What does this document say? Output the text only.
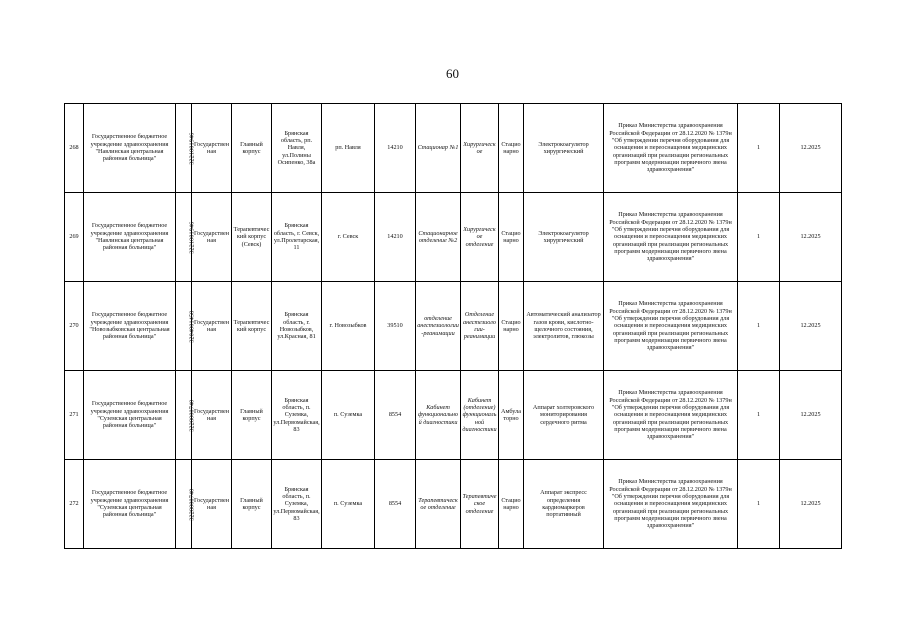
60
268	Государственное бюджетное учреждение здравоохранения "Навлинская центральная районная больница"	3221001946	Государственная	Главный корпус	Брянская область, рп. Навля, ул.Полины Осипенко, 38а	рп. Навля	14210	Стационар №1	Хирургическое	Стационарно	Электрокоагулятор хирургический	Приказ Министерства здравоохранения Российской Федерации от 28.12.2020 № 1379н "Об утверждении перечня оборудования для оснащения и переоснащения медицинских организаций при реализации региональных программ модернизации первичного звена здравоохранения"	1	12.2025
269	Государственное бюджетное учреждение здравоохранения "Навлинская центральная районная больница"	3221001946	Государственная	Терапевтический корпус (Севск)	Брянская область, г. Севск, ул.Пролетарская, 11	г. Севск	14210	Стационарное отделение №2	Хирургическое отделение	Стационарно	Электрокоагулятор хирургический	Приказ Министерства здравоохранения Российской Федерации от 28.12.2020 № 1379н "Об утверждении перечня оборудования для оснащения и переоснащения медицинских организаций при реализации региональных программ модернизации первичного звена здравоохранения"	1	12.2025
270	Государственное бюджетное учреждение здравоохранения "Новозыбковская центральная районная больница"	3204001458	Государственная	Терапевтический корпус	Брянская область, г. Новозыбков, ул.Красная, 81	г. Новозыбков	39510	отделение анестезиологии-реанимации	Отделение анестезиологии-реанимации	Стационарно	Автоматический анализатор газов крови, кислотно-щелочного состояния, электролитов, глюкозы	Приказ Министерства здравоохранения Российской Федерации от 28.12.2020 № 1379н "Об утверждении перечня оборудования для оснащения и переоснащения медицинских организаций при реализации региональных программ модернизации первичного звена здравоохранения"	1	12.2025
271	Государственное бюджетное учреждение здравоохранения "Суземская центральная районная больница"	3228000740	Государственная	Главный корпус	Брянская область, п. Суземка, ул.Первомайская, 83	п. Суземка	8554	Кабинет функциональной диагностики	Кабинет (отделение) функциональной диагностики	Амбулаторно	Аппарат холтеровского мониторирования сердечного ритма	Приказ Министерства здравоохранения Российской Федерации от 28.12.2020 № 1379н "Об утверждении перечня оборудования для оснащения и переоснащения медицинских организаций при реализации региональных программ модернизации первичного звена здравоохранения"	1	12.2025
272	Государственное бюджетное учреждение здравоохранения "Суземская центральная районная больница"	3228000740	Государственная	Главный корпус	Брянская область, п. Суземка, ул.Первомайская, 83	п. Суземка	8554	Терапевтическое отделение	Терапевтическое отделение	Стационарно	Аппарат экспресс определения кардиомаркеров портативный	Приказ Министерства здравоохранения Российской Федерации от 28.12.2020 № 1379н "Об утверждении перечня оборудования для оснащения и переоснащения медицинских организаций при реализации региональных программ модернизации первичного звена здравоохранения"	1	12.2025
